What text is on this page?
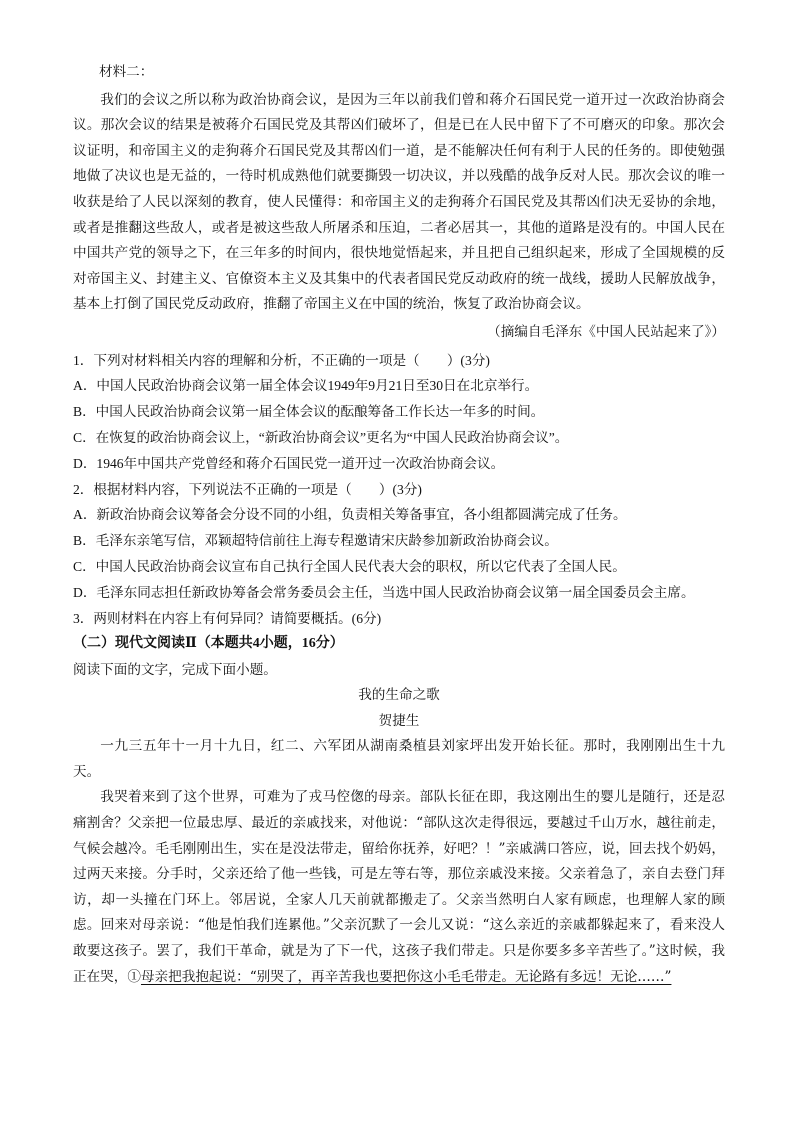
材料二：

我们的会议之所以称为政治协商会议，是因为三年以前我们曾和蒋介石国民党一道开过一次政治协商会议。那次会议的结果是被蒋介石国民党及其帮凶们破坏了，但是已在人民中留下了不可磨灭的印象。那次会议证明，和帝国主义的走狗蒋介石国民党及其帮凶们一道，是不能解决任何有利于人民的任务的。即使勉强地做了决议也是无益的，一待时机成熟他们就要撕毁一切决议，并以残酷的战争反对人民。那次会议的唯一收获是给了人民以深刻的教育，使人民懂得：和帝国主义的走狗蒋介石国民党及其帮凶们决无妥协的余地，或者是推翻这些敌人，或者是被这些敌人所屠杀和压迫，二者必居其一，其他的道路是没有的。中国人民在中国共产党的领导之下，在三年多的时间内，很快地觉悟起来，并且把自己组织起来，形成了全国规模的反对帝国主义、封建主义、官僚资本主义及其集中的代表者国民党反动政府的统一战线，援助人民解放战争，基本上打倒了国民党反动政府，推翻了帝国主义在中国的统治，恢复了政治协商会议。

（摘编自毛泽东《中国人民站起来了》）

1．下列对材料相关内容的理解和分析，不正确的一项是（　　）(3分)

A．中国人民政治协商会议第一届全体会议1949年9月21日至30日在北京举行。

B．中国人民政治协商会议第一届全体会议的酝酿筹备工作长达一年多的时间。

C．在恢复的政治协商会议上，“新政治协商会议”更名为“中国人民政治协商会议”。

D．1946年中国共产党曾经和蒋介石国民党一道开过一次政治协商会议。

2．根据材料内容，下列说法不正确的一项是（　　）(3分)

A．新政治协商会议筹备会分设不同的小组，负责相关筹备事宜，各小组都圆满完成了任务。

B．毛泽东亲笔写信，邓颖超特信前往上海专程邀请宋庆龄参加新政治协商会议。

C．中国人民政治协商会议宣布自己执行全国人民代表大会的职权，所以它代表了全国人民。

D．毛泽东同志担任新政协筹备会常务委员会主任，当选中国人民政治协商会议第一届全国委员会主席。

3．两则材料在内容上有何异同？请简要概括。(6分)

（二）现代文阅读Ⅱ（本题共4小题，16分）

阅读下面的文字，完成下面小题。

我的生命之歌

贺捷生

一九三五年十一月十九日，红二、六军团从湖南桑植县刘家坪出发开始长征。那时，我刚刚出生十九天。

我哭着来到了这个世界，可难为了戎马倥偬的母亲。部队长征在即，我这刚出生的婴儿是随行，还是忍痛割舍？父亲把一位最忠厚、最近的亲戚找来，对他说：“部队这次走得很远，要越过千山万水，越往前走，气候会越冷。毛毛刚刚出生，实在是没法带走，留给你抚养，好吧？！”亲戚满口答应，说，回去找个奶妈，过两天来接。分手时，父亲还给了他一些钱，可是左等右等，那位亲戚没来接。父亲着急了，亲自去登门拜访，却一头撞在门环上。邻居说，全家人几天前就都搬走了。父亲当然明白人家有顾虑，也理解人家的顾虑。回来对母亲说：“他是怕我们连累他。”父亲沉默了一会儿又说：“这么亲近的亲戚都躲起来了，看来没人敢要这孩子。罢了，我们干革命，就是为了下一代，这孩子我们带走。只是你要多多辛苦些了。”这时候，我正在哭，①母亲把我抱起说：“别哭了，再辛苦我也要把你这小毛毛带走。无论路有多远！无论……”
